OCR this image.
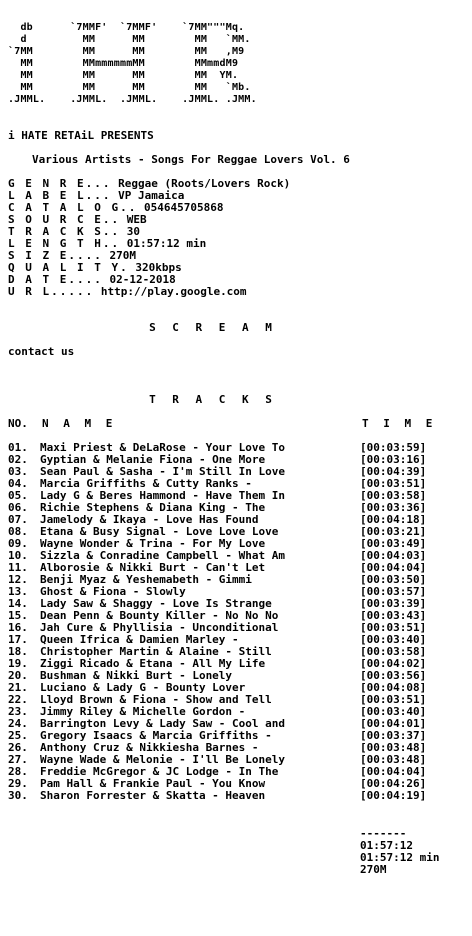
db      `7MMF'  `7MMF'    `7MM"""Mq.
d         MM      MM        MM   `MM.
`7MM        MM      MM        MM   ,M9
MM        MMmmmmmmMM        MMmmdM9
MM        MM      MM        MM  YM.
MM        MM      MM        MM   `Mb.
.JMML.    .JMML.  .JMML.    .JMML. .JMM.
i HATE RETAiL PRESENTS
Various Artists - Songs For Reggae Lovers Vol. 6
G E N R E... Reggae (Roots/Lovers Rock)
L A B E L... VP Jamaica
C A T A L O G.. 054645705868
S O U R C E.. WEB
T R A C K S.. 30
L E N G T H.. 01:57:12 min
S I Z E.... 270M
Q U A L I T Y. 320kbps
D A T E.... 02-12-2018
U R L..... http://play.google.com
S C R E A M
contact us
T R A C K S
NO.	N A M E	T I M E
01.	Maxi Priest & DeLaRose - Your Love To	[00:03:59]
02.	Gyptian & Melanie Fiona - One More	[00:03:16]
03.	Sean Paul & Sasha - I'm Still In Love	[00:04:39]
04.	Marcia Griffiths & Cutty Ranks -	[00:03:51]
05.	Lady G & Beres Hammond - Have Them In	[00:03:58]
06.	Richie Stephens & Diana King - The	[00:03:36]
07.	Jamelody & Ikaya - Love Has Found	[00:04:18]
08.	Etana & Busy Signal - Love Love Love	[00:03:21]
09.	Wayne Wonder & Trina - For My Love	[00:03:49]
10.	Sizzla & Conradine Campbell - What Am	[00:04:03]
11.	Alborosie & Nikki Burt - Can't Let	[00:04:04]
12.	Benji Myaz & Yeshemabeth - Gimmi	[00:03:50]
13.	Ghost & Fiona - Slowly	[00:03:57]
14.	Lady Saw & Shaggy - Love Is Strange	[00:03:39]
15.	Dean Penn & Bounty Killer - No No No	[00:03:43]
16.	Jah Cure & Phyllisia - Unconditional	[00:03:51]
17.	Queen Ifrica & Damien Marley -	[00:03:40]
18.	Christopher Martin & Alaine - Still	[00:03:58]
19.	Ziggi Ricado & Etana - All My Life	[00:04:02]
20.	Bushman & Nikki Burt - Lonely	[00:03:56]
21.	Luciano & Lady G - Bounty Lover	[00:04:08]
22.	Lloyd Brown & Fiona - Show and Tell	[00:03:51]
23.	Jimmy Riley & Michelle Gordon -	[00:03:40]
24.	Barrington Levy & Lady Saw - Cool and	[00:04:01]
25.	Gregory Isaacs & Marcia Griffiths -	[00:03:37]
26.	Anthony Cruz & Nikkiesha Barnes -	[00:03:48]
27.	Wayne Wade & Melonie - I'll Be Lonely	[00:03:48]
28.	Freddie McGregor & JC Lodge - In The	[00:04:04]
29.	Pam Hall & Frankie Paul - You Know	[00:04:26]
30.	Sharon Forrester & Skatta - Heaven	[00:04:19]
-------
01:57:12
01:57:12 min
270M
